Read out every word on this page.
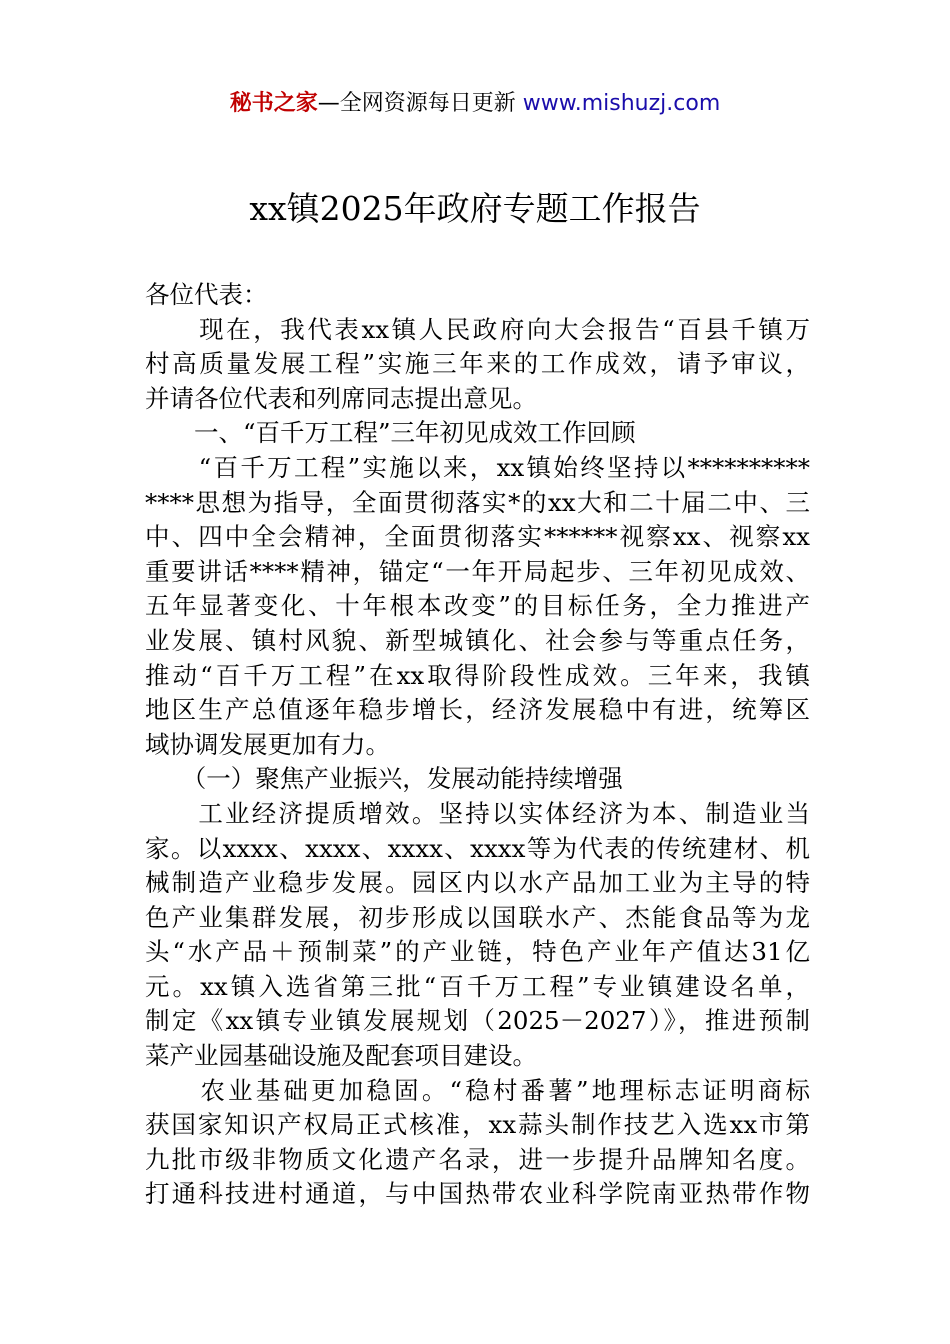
秘书之家—全网资源每日更新 www.mishuzj.com
xx镇2025年政府专题工作报告
各位代表：
　　现在，我代表xx镇人民政府向大会报告“百县千镇万
村高质量发展工程”实施三年来的工作成效，请予审议，
并请各位代表和列席同志提出意见。
　　一、“百千万工程”三年初见成效工作回顾
　　“百千万工程”实施以来，xx镇始终坚持以**********
****思想为指导，全面贯彻落实*的xx大和二十届二中、三
中、四中全会精神，全面贯彻落实******视察xx、视察xx
重要讲话****精神，锚定“一年开局起步、三年初见成效、
五年显著变化、十年根本改变”的目标任务，全力推进产
业发展、镇村风貌、新型城镇化、社会参与等重点任务，
推动“百千万工程”在xx取得阶段性成效。三年来，我镇
地区生产总值逐年稳步增长，经济发展稳中有进，统筹区
域协调发展更加有力。
　　（一）聚焦产业振兴，发展动能持续增强
　　工业经济提质增效。坚持以实体经济为本、制造业当
家。以xxxx、xxxx、xxxx、xxxx等为代表的传统建材、机
械制造产业稳步发展。园区内以水产品加工业为主导的特
色产业集群发展，初步形成以国联水产、杰能食品等为龙
头“水产品＋预制菜”的产业链，特色产业年产值达31亿
元。xx镇入选省第三批“百千万工程”专业镇建设名单，
制定《xx镇专业镇发展规划（2025－2027）》，推进预制
菜产业园基础设施及配套项目建设。
　　农业基础更加稳固。“稳村番薯”地理标志证明商标
获国家知识产权局正式核准，xx蒜头制作技艺入选xx市第
九批市级非物质文化遗产名录，进一步提升品牌知名度。
打通科技进村通道，与中国热带农业科学院南亚热带作物
